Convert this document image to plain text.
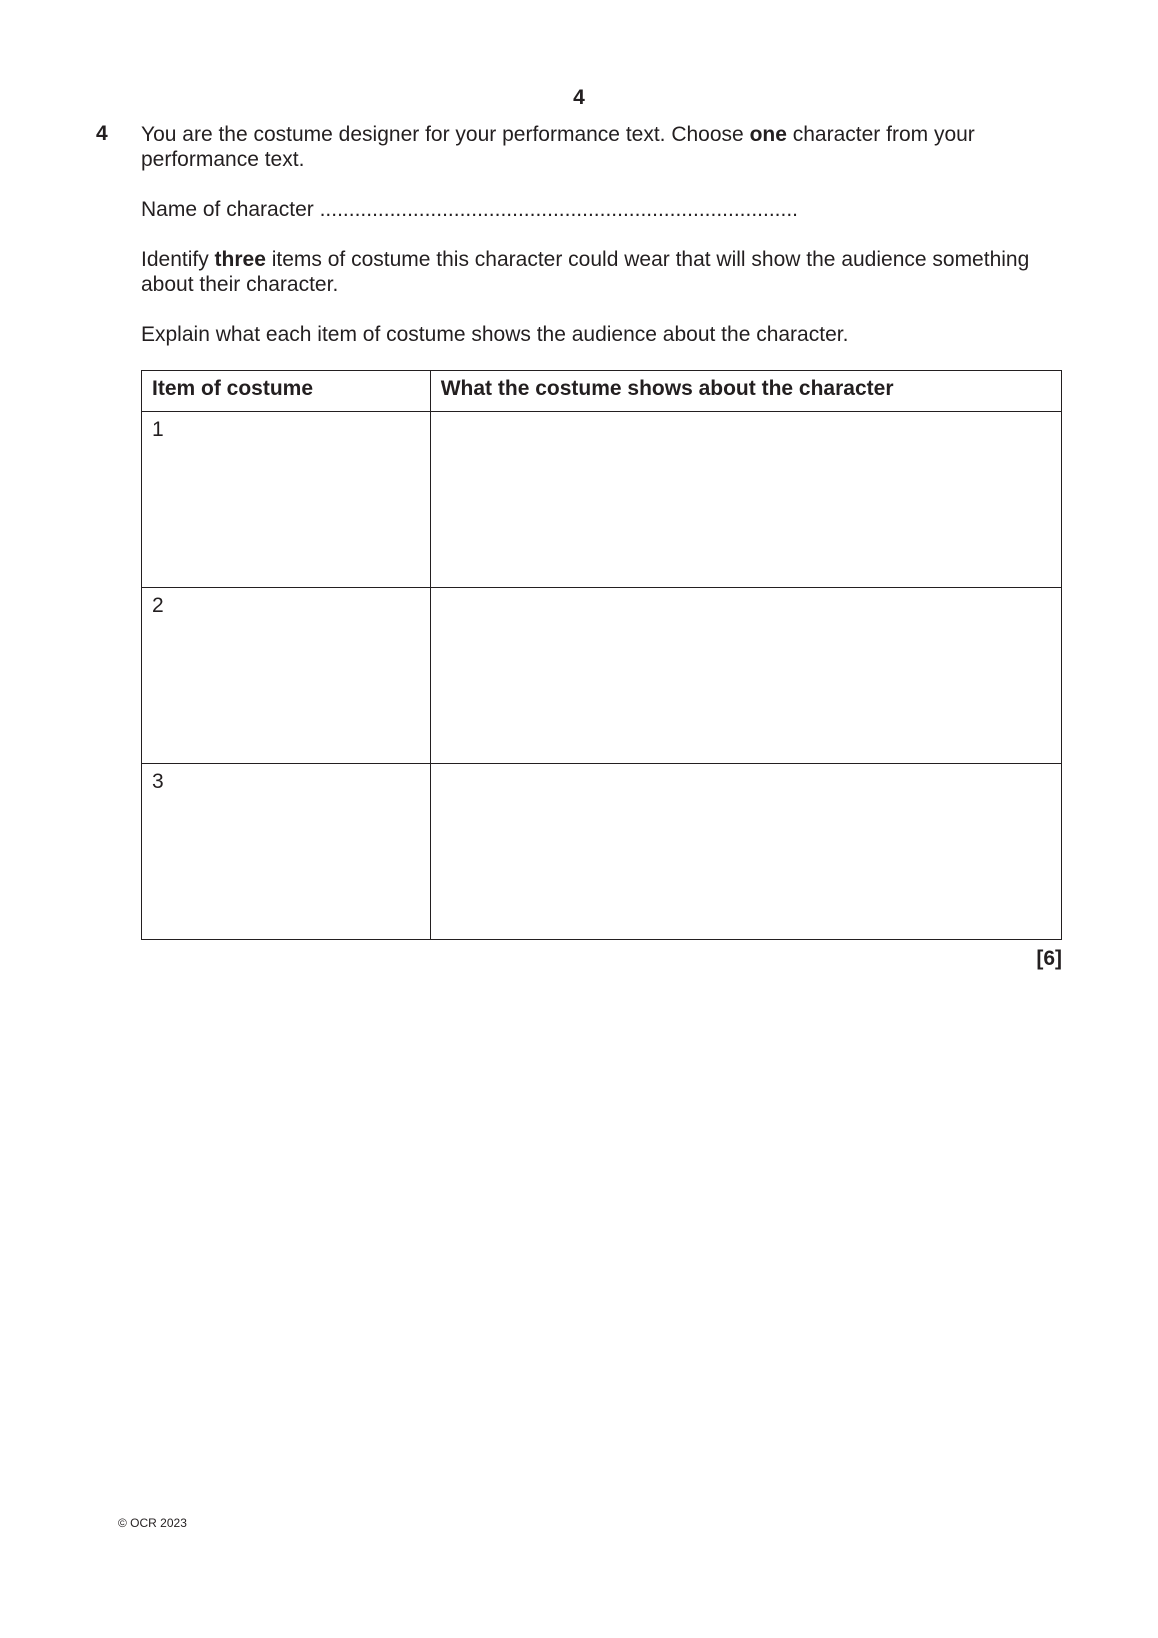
4
4 You are the costume designer for your performance text. Choose one character from your performance text.

Name of character ..................................................................................

Identify three items of costume this character could wear that will show the audience something about their character.

Explain what each item of costume shows the audience about the character.

Item of costume	What the costume shows about the character
1	
2	
3	
[6]
© OCR 2023
